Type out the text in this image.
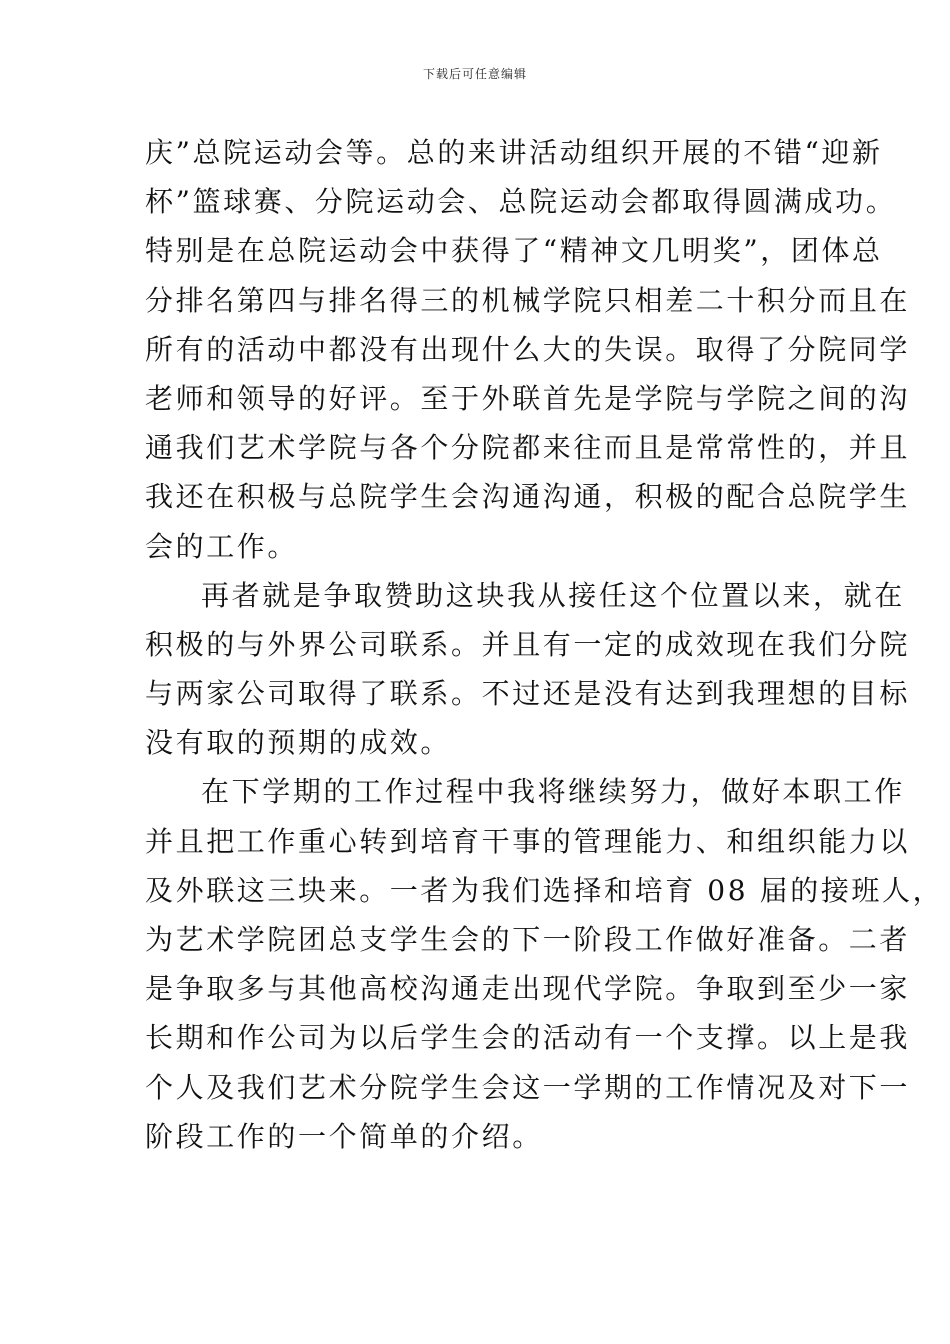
下载后可任意编辑
庆”总院运动会等。总的来讲活动组织开展的不错“迎新
杯”篮球赛、分院运动会、总院运动会都取得圆满成功。
特别是在总院运动会中获得了“精神文几明奖”，团体总
分排名第四与排名得三的机械学院只相差二十积分而且在
所有的活动中都没有出现什么大的失误。取得了分院同学
老师和领导的好评。至于外联首先是学院与学院之间的沟
通我们艺术学院与各个分院都来往而且是常常性的，并且
我还在积极与总院学生会沟通沟通，积极的配合总院学生
会的工作。
再者就是争取赞助这块我从接任这个位置以来，就在
积极的与外界公司联系。并且有一定的成效现在我们分院
与两家公司取得了联系。不过还是没有达到我理想的目标
没有取的预期的成效。
在下学期的工作过程中我将继续努力，做好本职工作
并且把工作重心转到培育干事的管理能力、和组织能力以
及外联这三块来。一者为我们选择和培育 08 届的接班人，
为艺术学院团总支学生会的下一阶段工作做好准备。二者
是争取多与其他高校沟通走出现代学院。争取到至少一家
长期和作公司为以后学生会的活动有一个支撑。以上是我
个人及我们艺术分院学生会这一学期的工作情况及对下一
阶段工作的一个简单的介绍。
